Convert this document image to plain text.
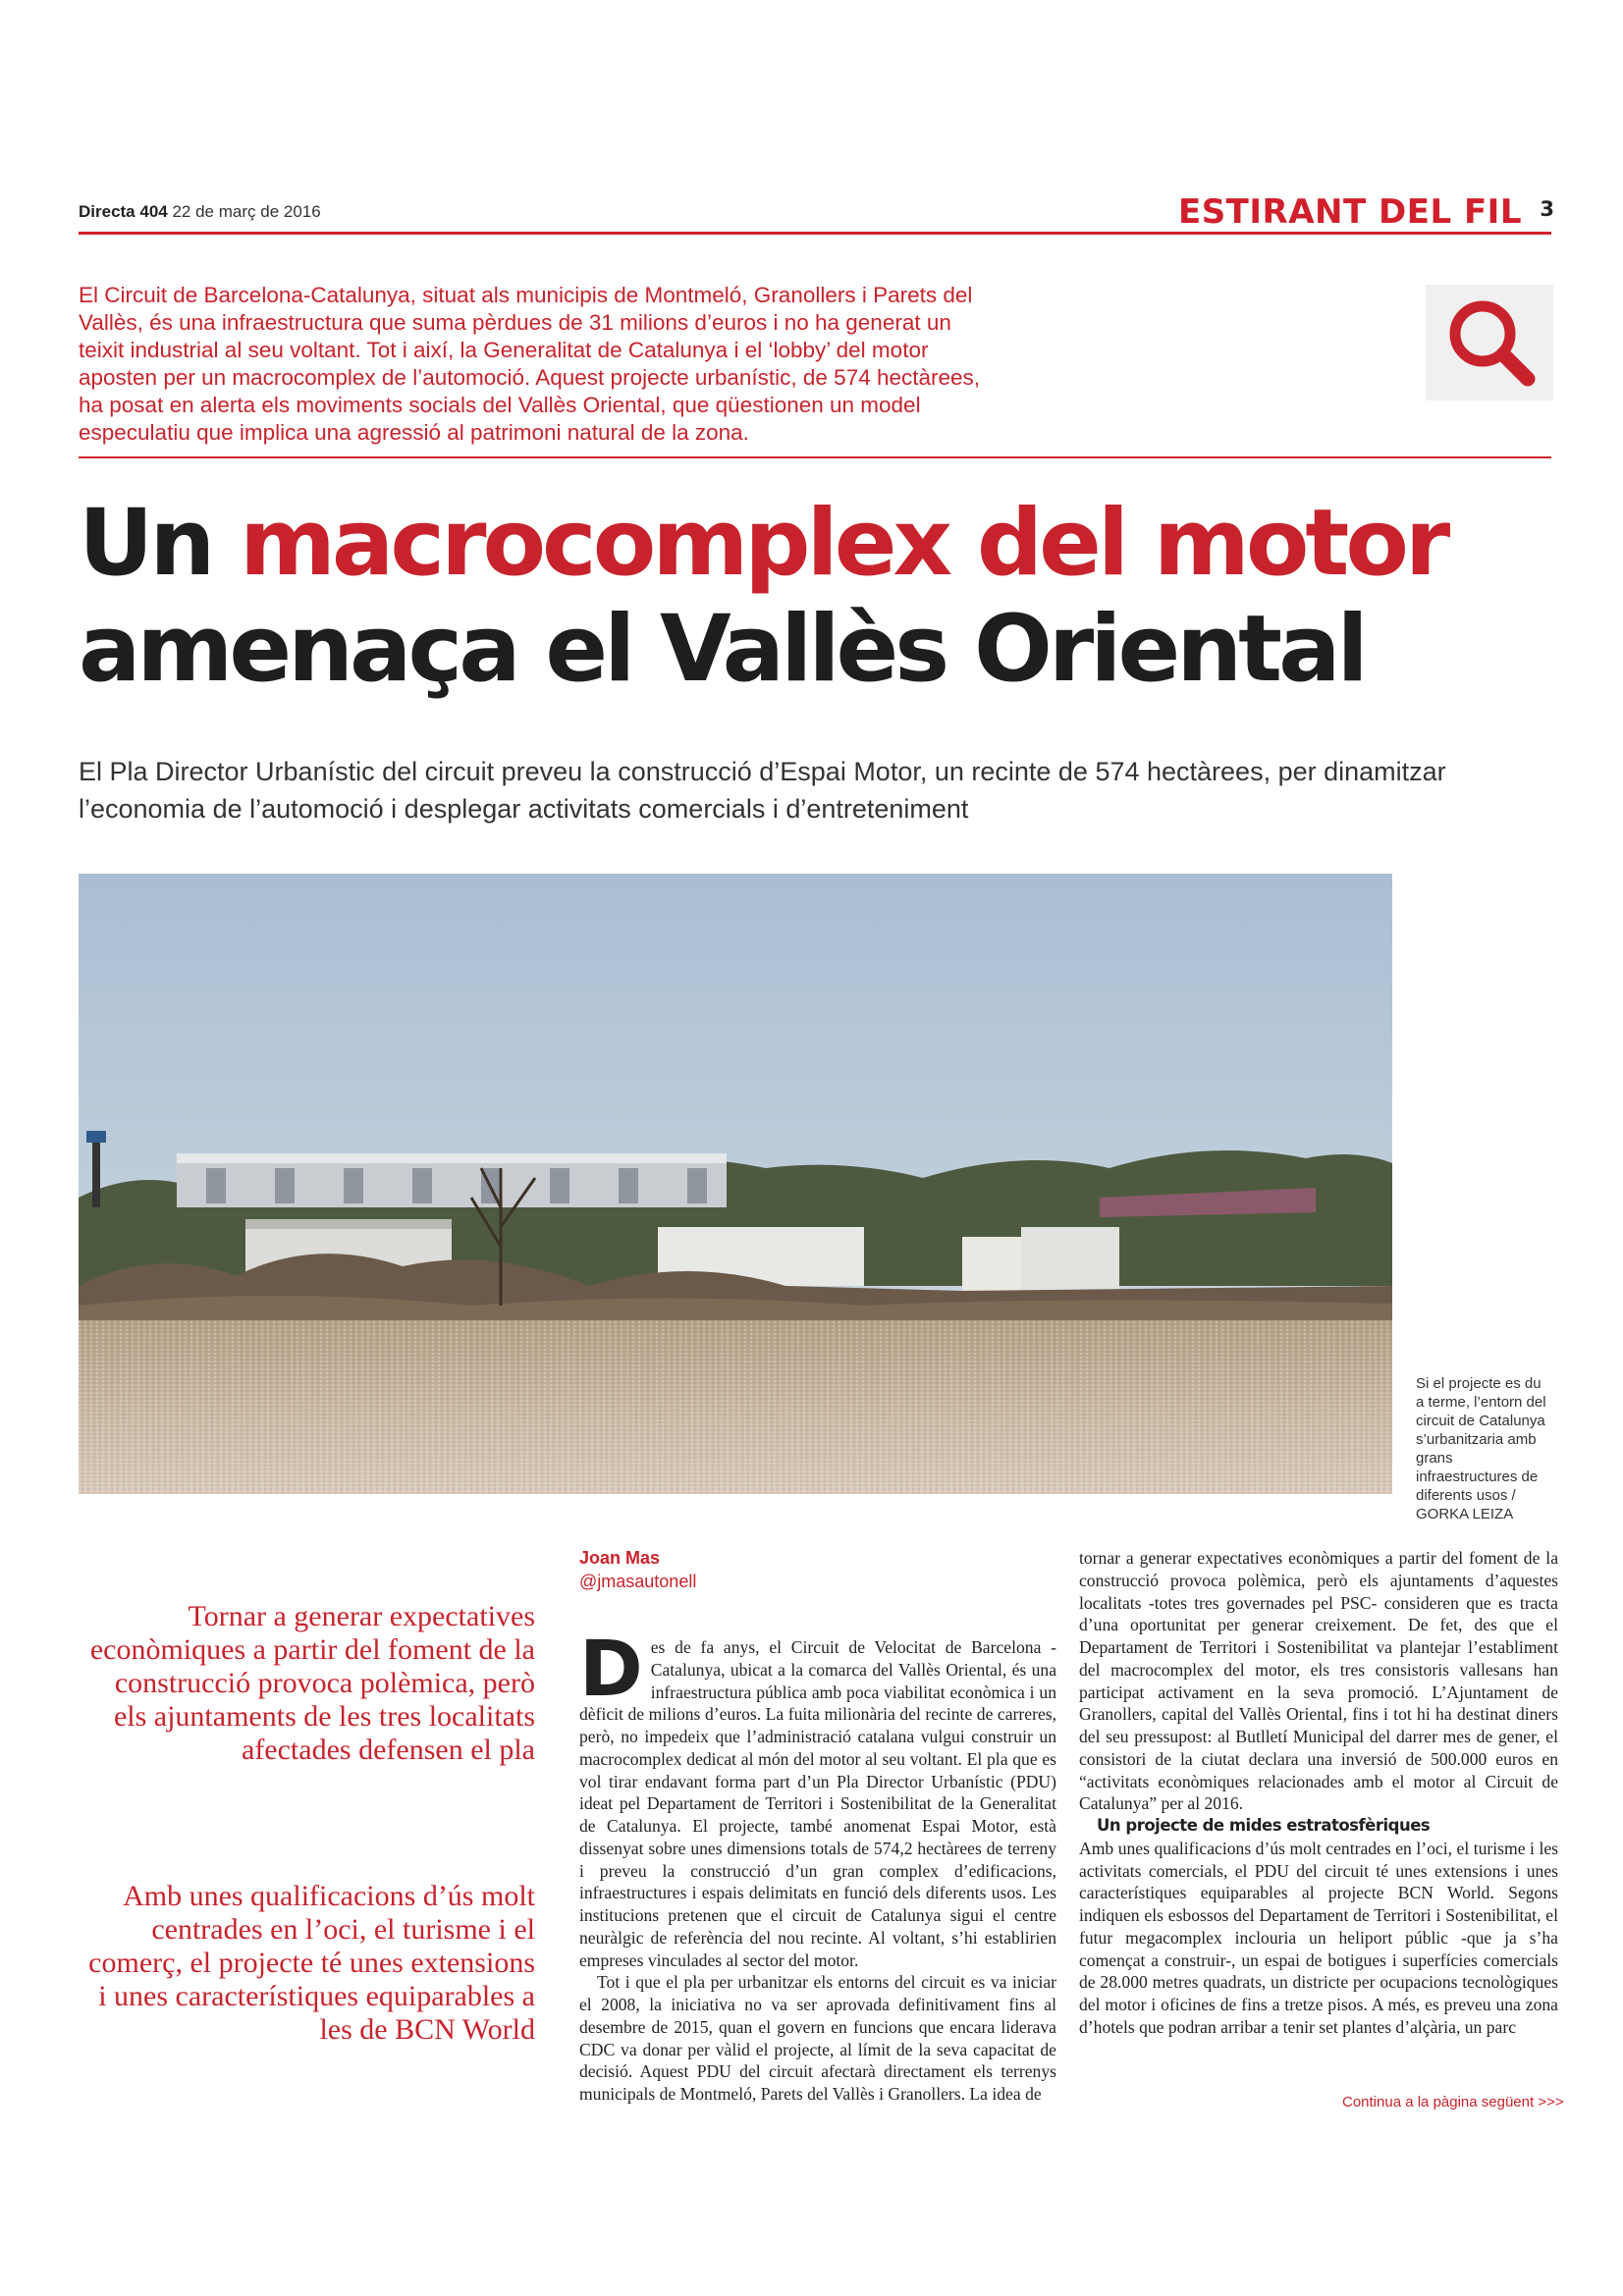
Directa 404 22 de març de 2016	ESTIRANT DEL FIL 3
El Circuit de Barcelona-Catalunya, situat als municipis de Montmeló, Granollers i Parets del Vallès, és una infraestructura que suma pèrdues de 31 milions d’euros i no ha generat un teixit industrial al seu voltant. Tot i així, la Generalitat de Catalunya i el ‘lobby’ del motor aposten per un macrocomplex de l’automoció. Aquest projecte urbanístic, de 574 hectàrees, ha posat en alerta els moviments socials del Vallès Oriental, que qüestionen un model especulatiu que implica una agressió al patrimoni natural de la zona.
Un macrocomplex del motor
amenaça el Vallès Oriental
El Pla Director Urbanístic del circuit preveu la construcció d’Espai Motor, un recinte de 574 hectàrees, per dinamitzar l’economia de l’automoció i desplegar activitats comercials i d’entreteniment
Si el projecte es du a terme, l’entorn del circuit de Catalunya s’urbanitzaria amb grans infraestructures de diferents usos / GORKA LEIZA
Tornar a generar expectatives econòmiques a partir del foment de la construcció provoca polèmica, però els ajuntaments de les tres localitats afectades defensen el pla
Amb unes qualificacions d’ús molt centrades en l’oci, el turisme i el comerç, el projecte té unes extensions i unes característiques equiparables a les de BCN World
Joan Mas
@jmasautonell

Des de fa anys, el Circuit de Velocitat de Barcelona - Catalunya, ubicat a la comarca del Vallès Oriental, és una infraestructura pública amb poca viabilitat econòmica i un dèficit de milions d’euros. La fuita milionària del recinte de carreres, però, no impedeix que l’administració catalana vulgui construir un macrocomplex dedicat al món del motor al seu voltant. El pla que es vol tirar endavant forma part d’un Pla Director Urbanístic (PDU) ideat pel Departament de Territori i Sostenibilitat de la Generalitat de Catalunya. El projecte, també anomenat Espai Motor, està dissenyat sobre unes dimensions totals de 574,2 hectàrees de terreny i preveu la construcció d’un gran complex d’edificacions, infraestructures i espais delimitats en funció dels diferents usos. Les institucions pretenen que el circuit de Catalunya sigui el centre neuràlgic de referència del nou recinte. Al voltant, s’hi establirien empreses vinculades al sector del motor.

Tot i que el pla per urbanitzar els entorns del circuit es va iniciar el 2008, la iniciativa no va ser aprovada definitivament fins al desembre de 2015, quan el govern en funcions que encara liderava CDC va donar per vàlid el projecte, al límit de la seva capacitat de decisió. Aquest PDU del circuit afectarà directament els terrenys municipals de Montmeló, Parets del Vallès i Granollers. La idea de

tornar a generar expectatives econòmiques a partir del foment de la construcció provoca polèmica, però els ajuntaments d’aquestes localitats -totes tres governades pel PSC- consideren que es tracta d’una oportunitat per generar creixement. De fet, des que el Departament de Territori i Sostenibilitat va plantejar l’establiment del macrocomplex del motor, els tres consistoris vallesans han participat activament en la seva promoció. L’Ajuntament de Granollers, capital del Vallès Oriental, fins i tot hi ha destinat diners del seu pressupost: al Butlletí Municipal del darrer mes de gener, el consistori de la ciutat declara una inversió de 500.000 euros en “activitats econòmiques relacionades amb el motor al Circuit de Catalunya” per al 2016.

Un projecte de mides estratosfèriques

Amb unes qualificacions d’ús molt centrades en l’oci, el turisme i les activitats comercials, el PDU del circuit té unes extensions i unes característiques equiparables al projecte BCN World. Segons indiquen els esbossos del Departament de Territori i Sostenibilitat, el futur megacomplex inclouria un heliport públic -que ja s’ha començat a construir-, un espai de botigues i superfícies comercials de 28.000 metres quadrats, un districte per ocupacions tecnològiques del motor i oficines de fins a tretze pisos. A més, es preveu una zona d’hotels que podran arribar a tenir set plantes d’alçària, un parc

Continua a la pàgina següent >>>
